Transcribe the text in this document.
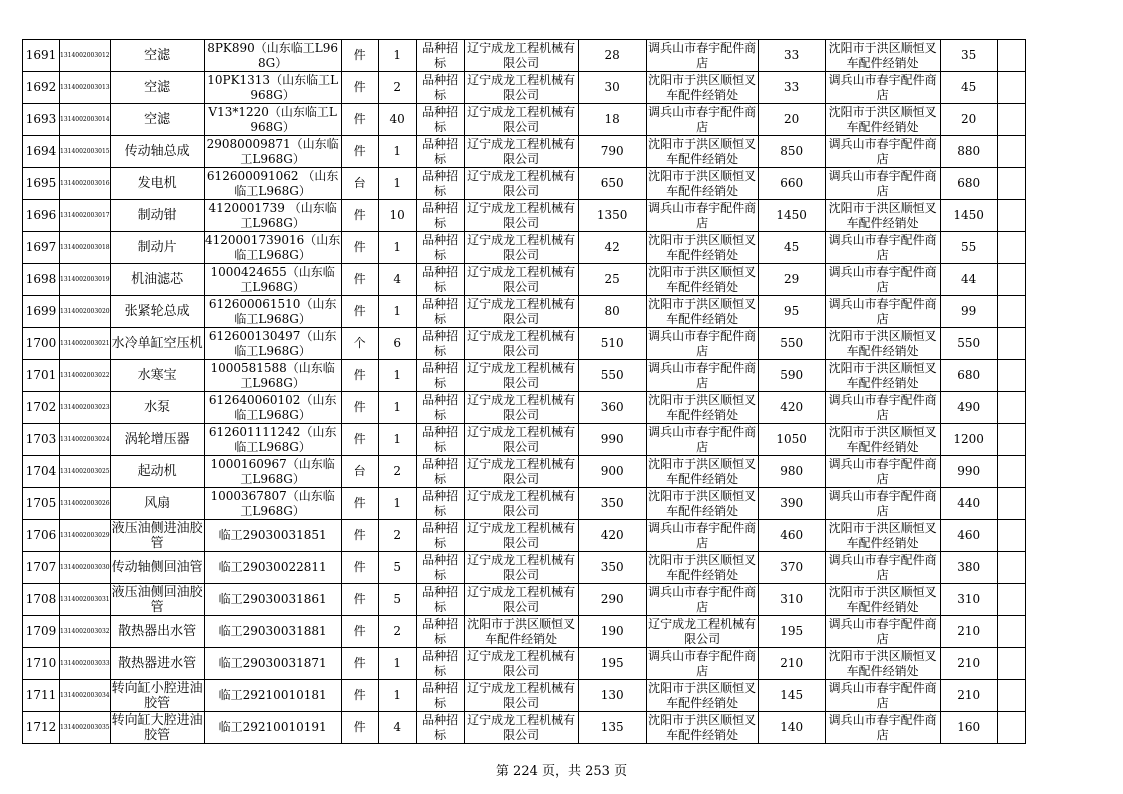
1691	1314002003012	空滤	8PK890（山东临工L968G）	件	1	品种招标	辽宁成龙工程机械有限公司	28	调兵山市春宇配件商店	33	沈阳市于洪区顺恒叉车配件经销处	35	
1692	1314002003013	空滤	10PK1313（山东临工L968G）	件	2	品种招标	辽宁成龙工程机械有限公司	30	沈阳市于洪区顺恒叉车配件经销处	33	调兵山市春宇配件商店	45	
1693	1314002003014	空滤	V13*1220（山东临工L968G）	件	40	品种招标	辽宁成龙工程机械有限公司	18	调兵山市春宇配件商店	20	沈阳市于洪区顺恒叉车配件经销处	20	
1694	1314002003015	传动轴总成	29080009871（山东临工L968G）	件	1	品种招标	辽宁成龙工程机械有限公司	790	沈阳市于洪区顺恒叉车配件经销处	850	调兵山市春宇配件商店	880	
1695	1314002003016	发电机	612600091062 （山东临工L968G）	台	1	品种招标	辽宁成龙工程机械有限公司	650	沈阳市于洪区顺恒叉车配件经销处	660	调兵山市春宇配件商店	680	
1696	1314002003017	制动钳	4120001739 （山东临工L968G）	件	10	品种招标	辽宁成龙工程机械有限公司	1350	调兵山市春宇配件商店	1450	沈阳市于洪区顺恒叉车配件经销处	1450	
1697	1314002003018	制动片	4120001739016（山东临工L968G）	件	1	品种招标	辽宁成龙工程机械有限公司	42	沈阳市于洪区顺恒叉车配件经销处	45	调兵山市春宇配件商店	55	
1698	1314002003019	机油滤芯	1000424655（山东临工L968G）	件	4	品种招标	辽宁成龙工程机械有限公司	25	沈阳市于洪区顺恒叉车配件经销处	29	调兵山市春宇配件商店	44	
1699	1314002003020	张紧轮总成	612600061510（山东临工L968G）	件	1	品种招标	辽宁成龙工程机械有限公司	80	沈阳市于洪区顺恒叉车配件经销处	95	调兵山市春宇配件商店	99	
1700	1314002003021	水冷单缸空压机	612600130497（山东临工L968G）	个	6	品种招标	辽宁成龙工程机械有限公司	510	调兵山市春宇配件商店	550	沈阳市于洪区顺恒叉车配件经销处	550	
1701	1314002003022	水寒宝	1000581588（山东临工L968G）	件	1	品种招标	辽宁成龙工程机械有限公司	550	调兵山市春宇配件商店	590	沈阳市于洪区顺恒叉车配件经销处	680	
1702	1314002003023	水泵	612640060102（山东临工L968G）	件	1	品种招标	辽宁成龙工程机械有限公司	360	沈阳市于洪区顺恒叉车配件经销处	420	调兵山市春宇配件商店	490	
1703	1314002003024	涡轮增压器	612601111242（山东临工L968G）	件	1	品种招标	辽宁成龙工程机械有限公司	990	调兵山市春宇配件商店	1050	沈阳市于洪区顺恒叉车配件经销处	1200	
1704	1314002003025	起动机	1000160967（山东临工L968G）	台	2	品种招标	辽宁成龙工程机械有限公司	900	沈阳市于洪区顺恒叉车配件经销处	980	调兵山市春宇配件商店	990	
1705	1314002003026	风扇	1000367807（山东临工L968G）	件	1	品种招标	辽宁成龙工程机械有限公司	350	沈阳市于洪区顺恒叉车配件经销处	390	调兵山市春宇配件商店	440	
1706	1314002003029	液压油侧进油胶管	临工29030031851	件	2	品种招标	辽宁成龙工程机械有限公司	420	调兵山市春宇配件商店	460	沈阳市于洪区顺恒叉车配件经销处	460	
1707	1314002003030	传动轴侧回油管	临工29030022811	件	5	品种招标	辽宁成龙工程机械有限公司	350	沈阳市于洪区顺恒叉车配件经销处	370	调兵山市春宇配件商店	380	
1708	1314002003031	液压油侧回油胶管	临工29030031861	件	5	品种招标	辽宁成龙工程机械有限公司	290	调兵山市春宇配件商店	310	沈阳市于洪区顺恒叉车配件经销处	310	
1709	1314002003032	散热器出水管	临工29030031881	件	2	品种招标	沈阳市于洪区顺恒叉车配件经销处	190	辽宁成龙工程机械有限公司	195	调兵山市春宇配件商店	210	
1710	1314002003033	散热器进水管	临工29030031871	件	1	品种招标	辽宁成龙工程机械有限公司	195	调兵山市春宇配件商店	210	沈阳市于洪区顺恒叉车配件经销处	210	
1711	1314002003034	转向缸小腔进油胶管	临工29210010181	件	1	品种招标	辽宁成龙工程机械有限公司	130	沈阳市于洪区顺恒叉车配件经销处	145	调兵山市春宇配件商店	210	
1712	1314002003035	转向缸大腔进油胶管	临工29210010191	件	4	品种招标	辽宁成龙工程机械有限公司	135	沈阳市于洪区顺恒叉车配件经销处	140	调兵山市春宇配件商店	160	
第 224 页，共 253 页
